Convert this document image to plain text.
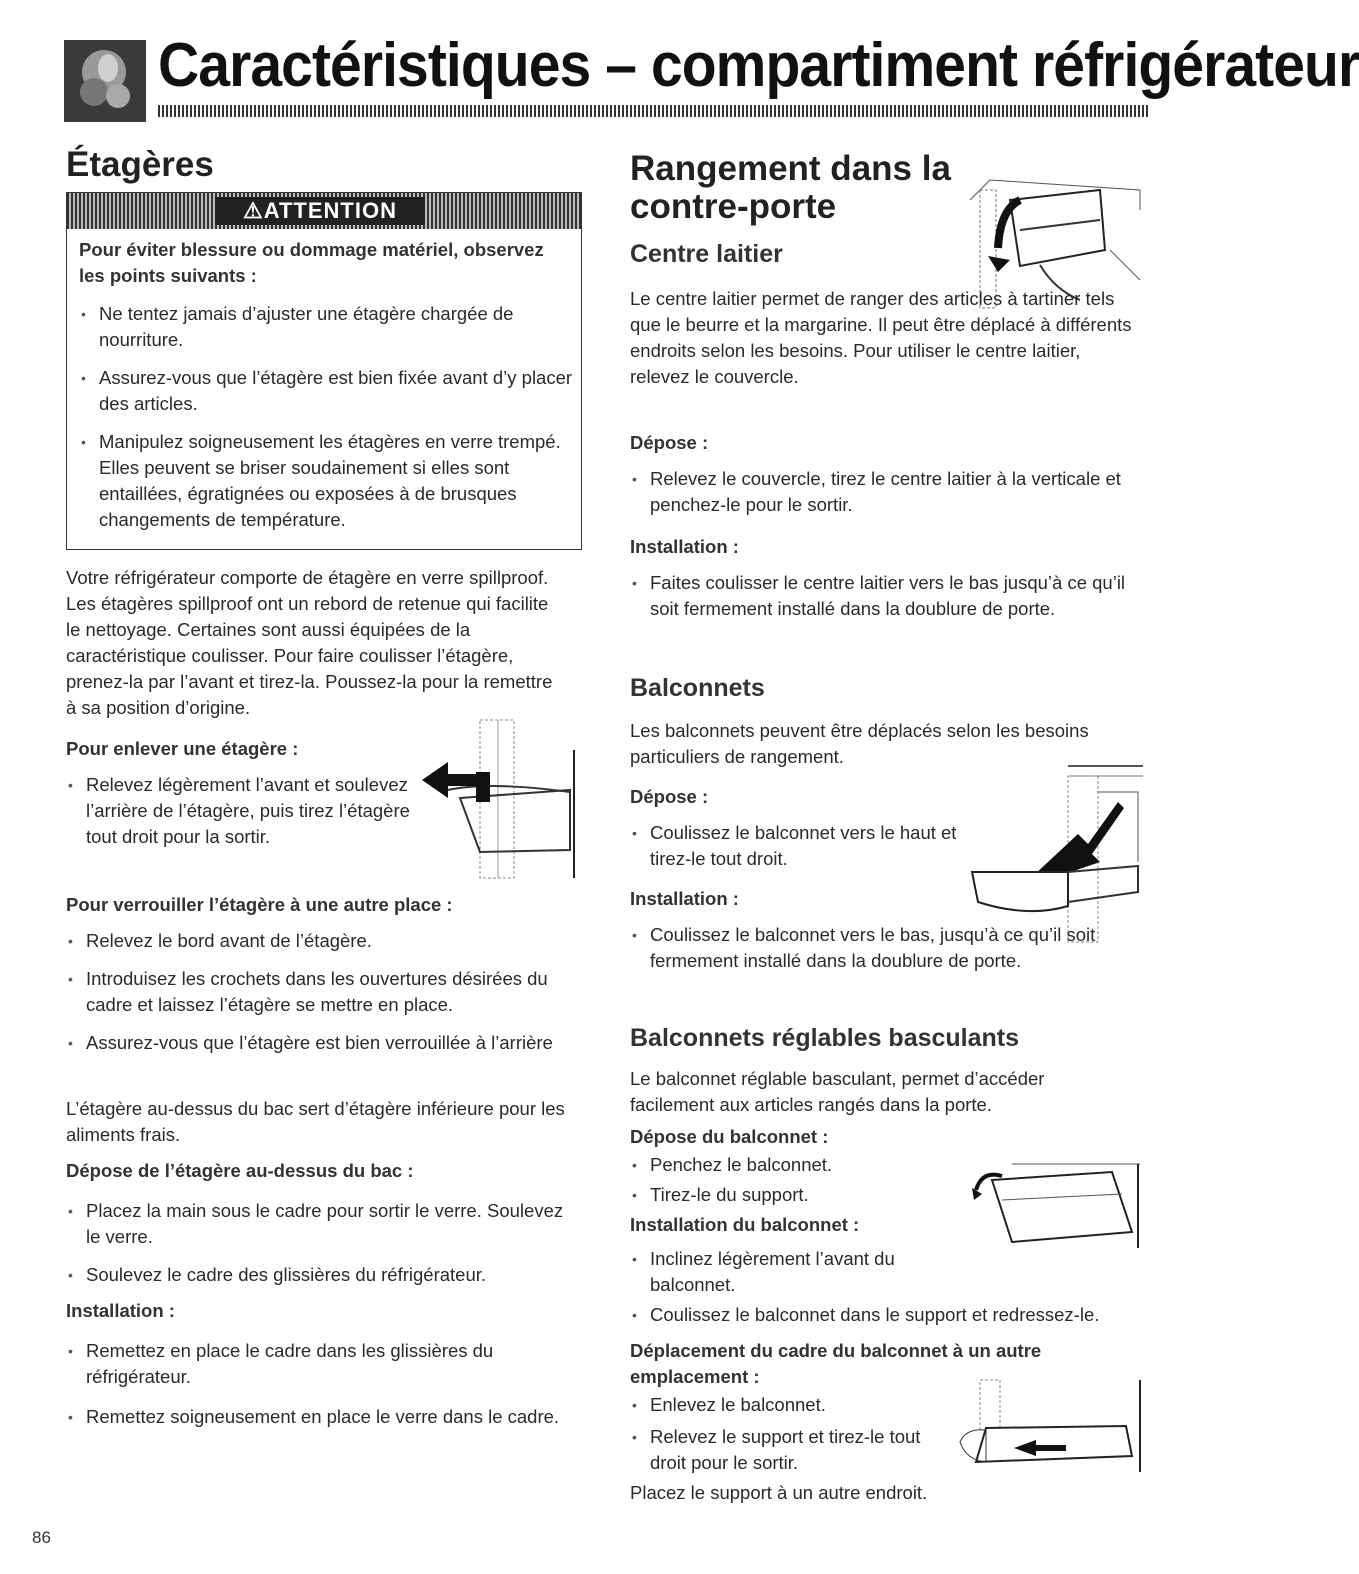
Caractéristiques – compartiment réfrigérateur
Étagères
⚠ATTENTION

Pour éviter blessure ou dommage matériel, observez les points suivants :

• Ne tentez jamais d’ajuster une étagère chargée de nourriture.

• Assurez-vous que l’étagère est bien fixée avant d’y placer des articles.

• Manipulez soigneusement les étagères en verre trempé. Elles peuvent se briser soudainement si elles sont entaillées, égratignées ou exposées à de brusques changements de température.

Votre réfrigérateur comporte de étagère en verre spillproof. Les étagères spillproof ont un rebord de retenue qui facilite le nettoyage. Certaines sont aussi équipées de la caractéristique coulisser. Pour faire coulisser l’étagère, prenez-la par l’avant et tirez-la. Poussez-la pour la remettre à sa position d’origine.

Pour enlever une étagère :

• Relevez légèrement l’avant et soulevez l’arrière de l’étagère, puis tirez l’étagère tout droit pour la sortir.

Pour verrouiller l’étagère à une autre place :

• Relevez le bord avant de l’étagère.

• Introduisez les crochets dans les ouvertures désirées du cadre et laissez l’étagère se mettre en place.

• Assurez-vous que l’étagère est bien verrouillée à l’arrière

L’étagère au-dessus du bac sert d’étagère inférieure pour les aliments frais.

Dépose de l’étagère au-dessus du bac :

• Placez la main sous le cadre pour sortir le verre. Soulevez le verre.

• Soulevez le cadre des glissières du réfrigérateur.

Installation :

• Remettez en place le cadre dans les glissières du réfrigérateur.

• Remettez soigneusement en place le verre dans le cadre.

Rangement dans la contre-porte

Centre laitier

Le centre laitier permet de ranger des articles à tartiner tels que le beurre et la margarine. Il peut être déplacé à différents endroits selon les besoins. Pour utiliser le centre laitier, relevez le couvercle.

Dépose :

• Relevez le couvercle, tirez le centre laitier à la verticale et penchez-le pour le sortir.

Installation :

• Faites coulisser le centre laitier vers le bas jusqu’à ce qu’il soit fermement installé dans la doublure de porte.

Balconnets

Les balconnets peuvent être déplacés selon les besoins particuliers de rangement.

Dépose :

• Coulissez le balconnet vers le haut et tirez-le tout droit.

Installation :

• Coulissez le balconnet vers le bas, jusqu’à ce qu’il soit fermement installé dans la doublure de porte.

Balconnets réglables basculants

Le balconnet réglable basculant, permet d’accéder facilement aux articles rangés dans la porte.

Dépose du balconnet :

• Penchez le balconnet.

• Tirez-le du support.

Installation du balconnet :

• Inclinez légèrement l’avant du balconnet.

• Coulissez le balconnet dans le support et redressez-le.

Déplacement du cadre du balconnet à un autre emplacement :

• Enlevez le balconnet.

• Relevez le support et tirez-le tout droit pour le sortir.

Placez le support à un autre endroit.

86
